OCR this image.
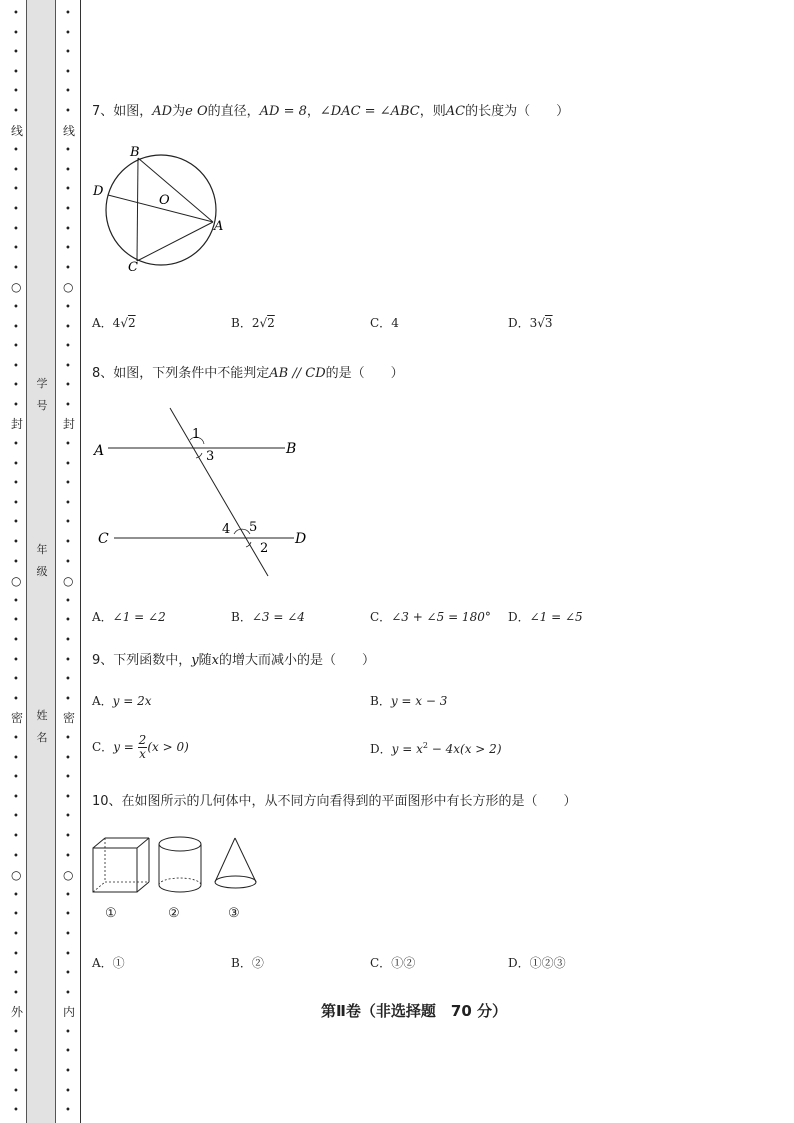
•
•
•
•
•
•
线
•
•
•
•
•
•
•
○
•
•
•
•
•
•
封
•
•
•
•
•
•
•
○
•
•
•
•
•
•
密
•
•
•
•
•
•
•
○
•
•
•
•
•
•
外
•
•
•
•
•
•
•
•
•
•
•
线
•
•
•
•
•
•
•
○
•
•
•
•
•
•
封
•
•
•
•
•
•
•
○
•
•
•
•
•
•
密
•
•
•
•
•
•
•
○
•
•
•
•
•
•
内
•
•
•
•
•
学号
年级
姓名
7、如图，AD为e O的直径，AD = 8，∠DAC = ∠ABC，则AC的长度为（　　）
B
D
O
A
C
A．4√2	B．2√2	C．4	D．3√3
8、如图，下列条件中不能判定AB // CD的是（　　）
A	B
C	D
1
3
4 5
2
A．∠1 = ∠2	B．∠3 = ∠4	C．∠3 + ∠5 = 180° D．∠1 = ∠5
9、下列函数中，y随x的增大而减小的是（　　）
A．y = 2x	B．y = x − 3
C．$y = \frac{2}{x} (x > 0)$	D．$y = x^2 - 4x(x > 2)$
10、在如图所示的几何体中，从不同方向看得到的平面图形中有长方形的是（　　）
①	②	③
A．①	B．②	C．①②	D．①②③
第Ⅱ卷（非选择题　70 分）
